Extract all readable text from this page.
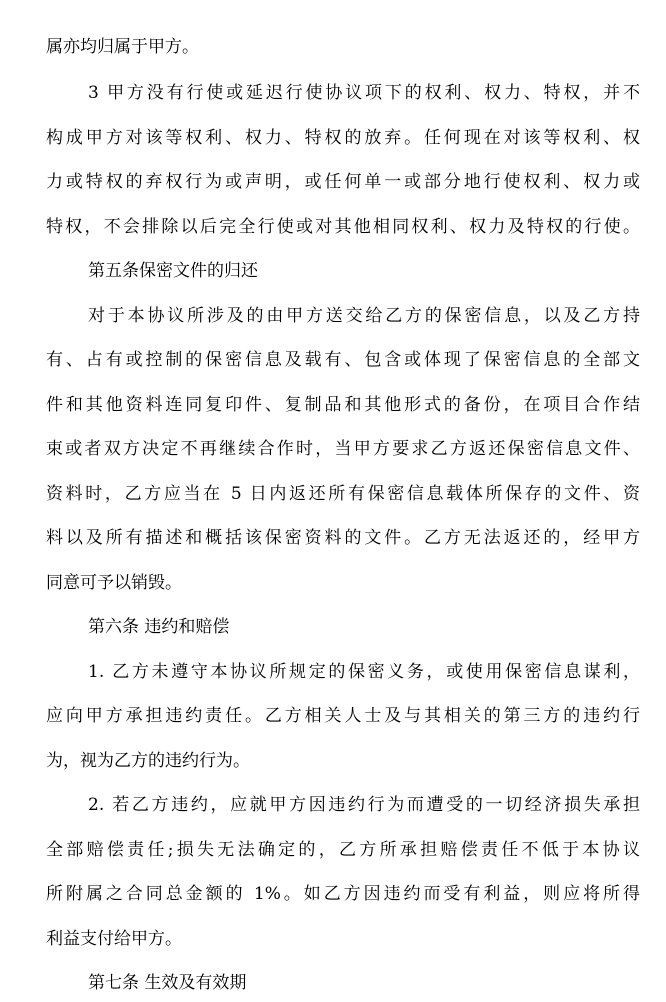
属亦均归属于甲方。
3 甲方没有行使或延迟行使协议项下的权利、权力、特权，并不
构成甲方对该等权利、权力、特权的放弃。任何现在对该等权利、权
力或特权的弃权行为或声明，或任何单一或部分地行使权利、权力或
特权，不会排除以后完全行使或对其他相同权利、权力及特权的行使。
第五条保密文件的归还
对于本协议所涉及的由甲方送交给乙方的保密信息，以及乙方持
有、占有或控制的保密信息及载有、包含或体现了保密信息的全部文
件和其他资料连同复印件、复制品和其他形式的备份，在项目合作结
束或者双方决定不再继续合作时，当甲方要求乙方返还保密信息文件、
资料时，乙方应当在 5 日内返还所有保密信息载体所保存的文件、资
料以及所有描述和概括该保密资料的文件。乙方无法返还的，经甲方
同意可予以销毁。
第六条 违约和赔偿
1. 乙方未遵守本协议所规定的保密义务，或使用保密信息谋利，
应向甲方承担违约责任。乙方相关人士及与其相关的第三方的违约行
为，视为乙方的违约行为。
2. 若乙方违约，应就甲方因违约行为而遭受的一切经济损失承担
全部赔偿责任;损失无法确定的，乙方所承担赔偿责任不低于本协议
所附属之合同总金额的 1%。如乙方因违约而受有利益，则应将所得
利益支付给甲方。
第七条 生效及有效期
